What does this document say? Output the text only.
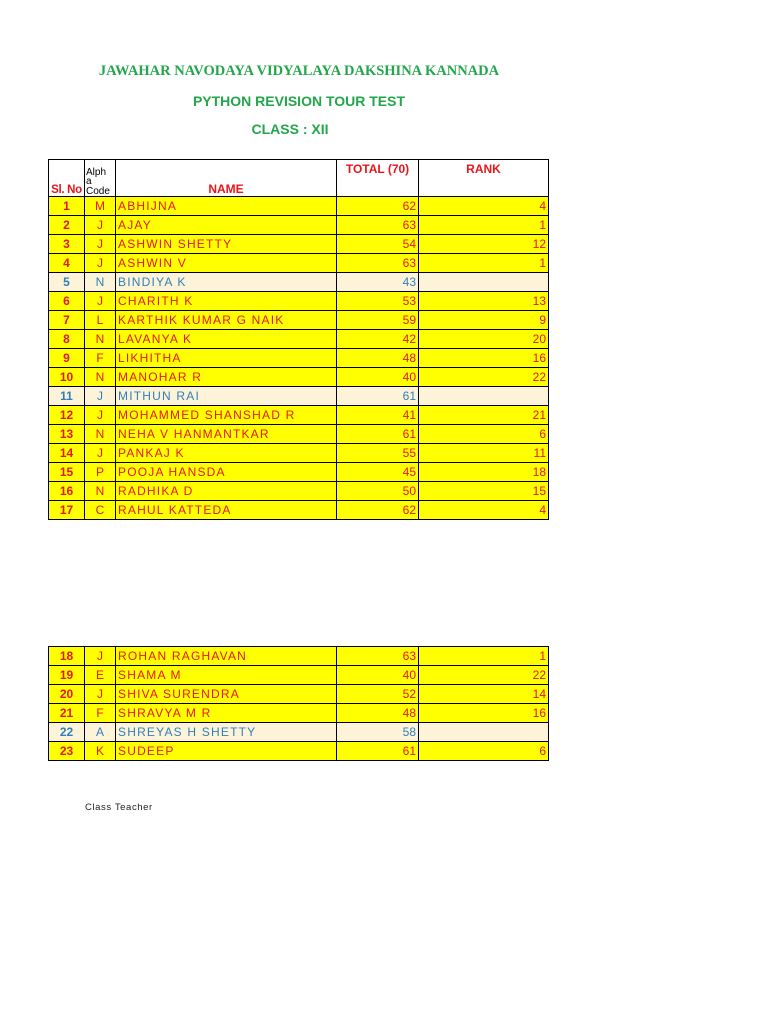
JAWAHAR NAVODAYA VIDYALAYA DAKSHINA KANNADA
PYTHON REVISION TOUR TEST
CLASS : XII
Sl. No	Alph a Code	NAME	TOTAL (70)	RANK
1	M	ABHIJNA	62	4
2	J	AJAY	63	1
3	J	ASHWIN SHETTY	54	12
4	J	ASHWIN V	63	1
5	N	BINDIYA K	43	
6	J	CHARITH K	53	13
7	L	KARTHIK KUMAR G NAIK	59	9
8	N	LAVANYA K	42	20
9	F	LIKHITHA	48	16
10	N	MANOHAR R	40	22
11	J	MITHUN RAI	61	
12	J	MOHAMMED SHANSHAD R	41	21
13	N	NEHA V HANMANTKAR	61	6
14	J	PANKAJ K	55	11
15	P	POOJA HANSDA	45	18
16	N	RADHIKA D	50	15
17	C	RAHUL KATTEDA	62	4
18	J	ROHAN RAGHAVAN	63	1
19	E	SHAMA M	40	22
20	J	SHIVA SURENDRA	52	14
21	F	SHRAVYA M R	48	16
22	A	SHREYAS H SHETTY	58	
23	K	SUDEEP	61	6

Class Teacher
